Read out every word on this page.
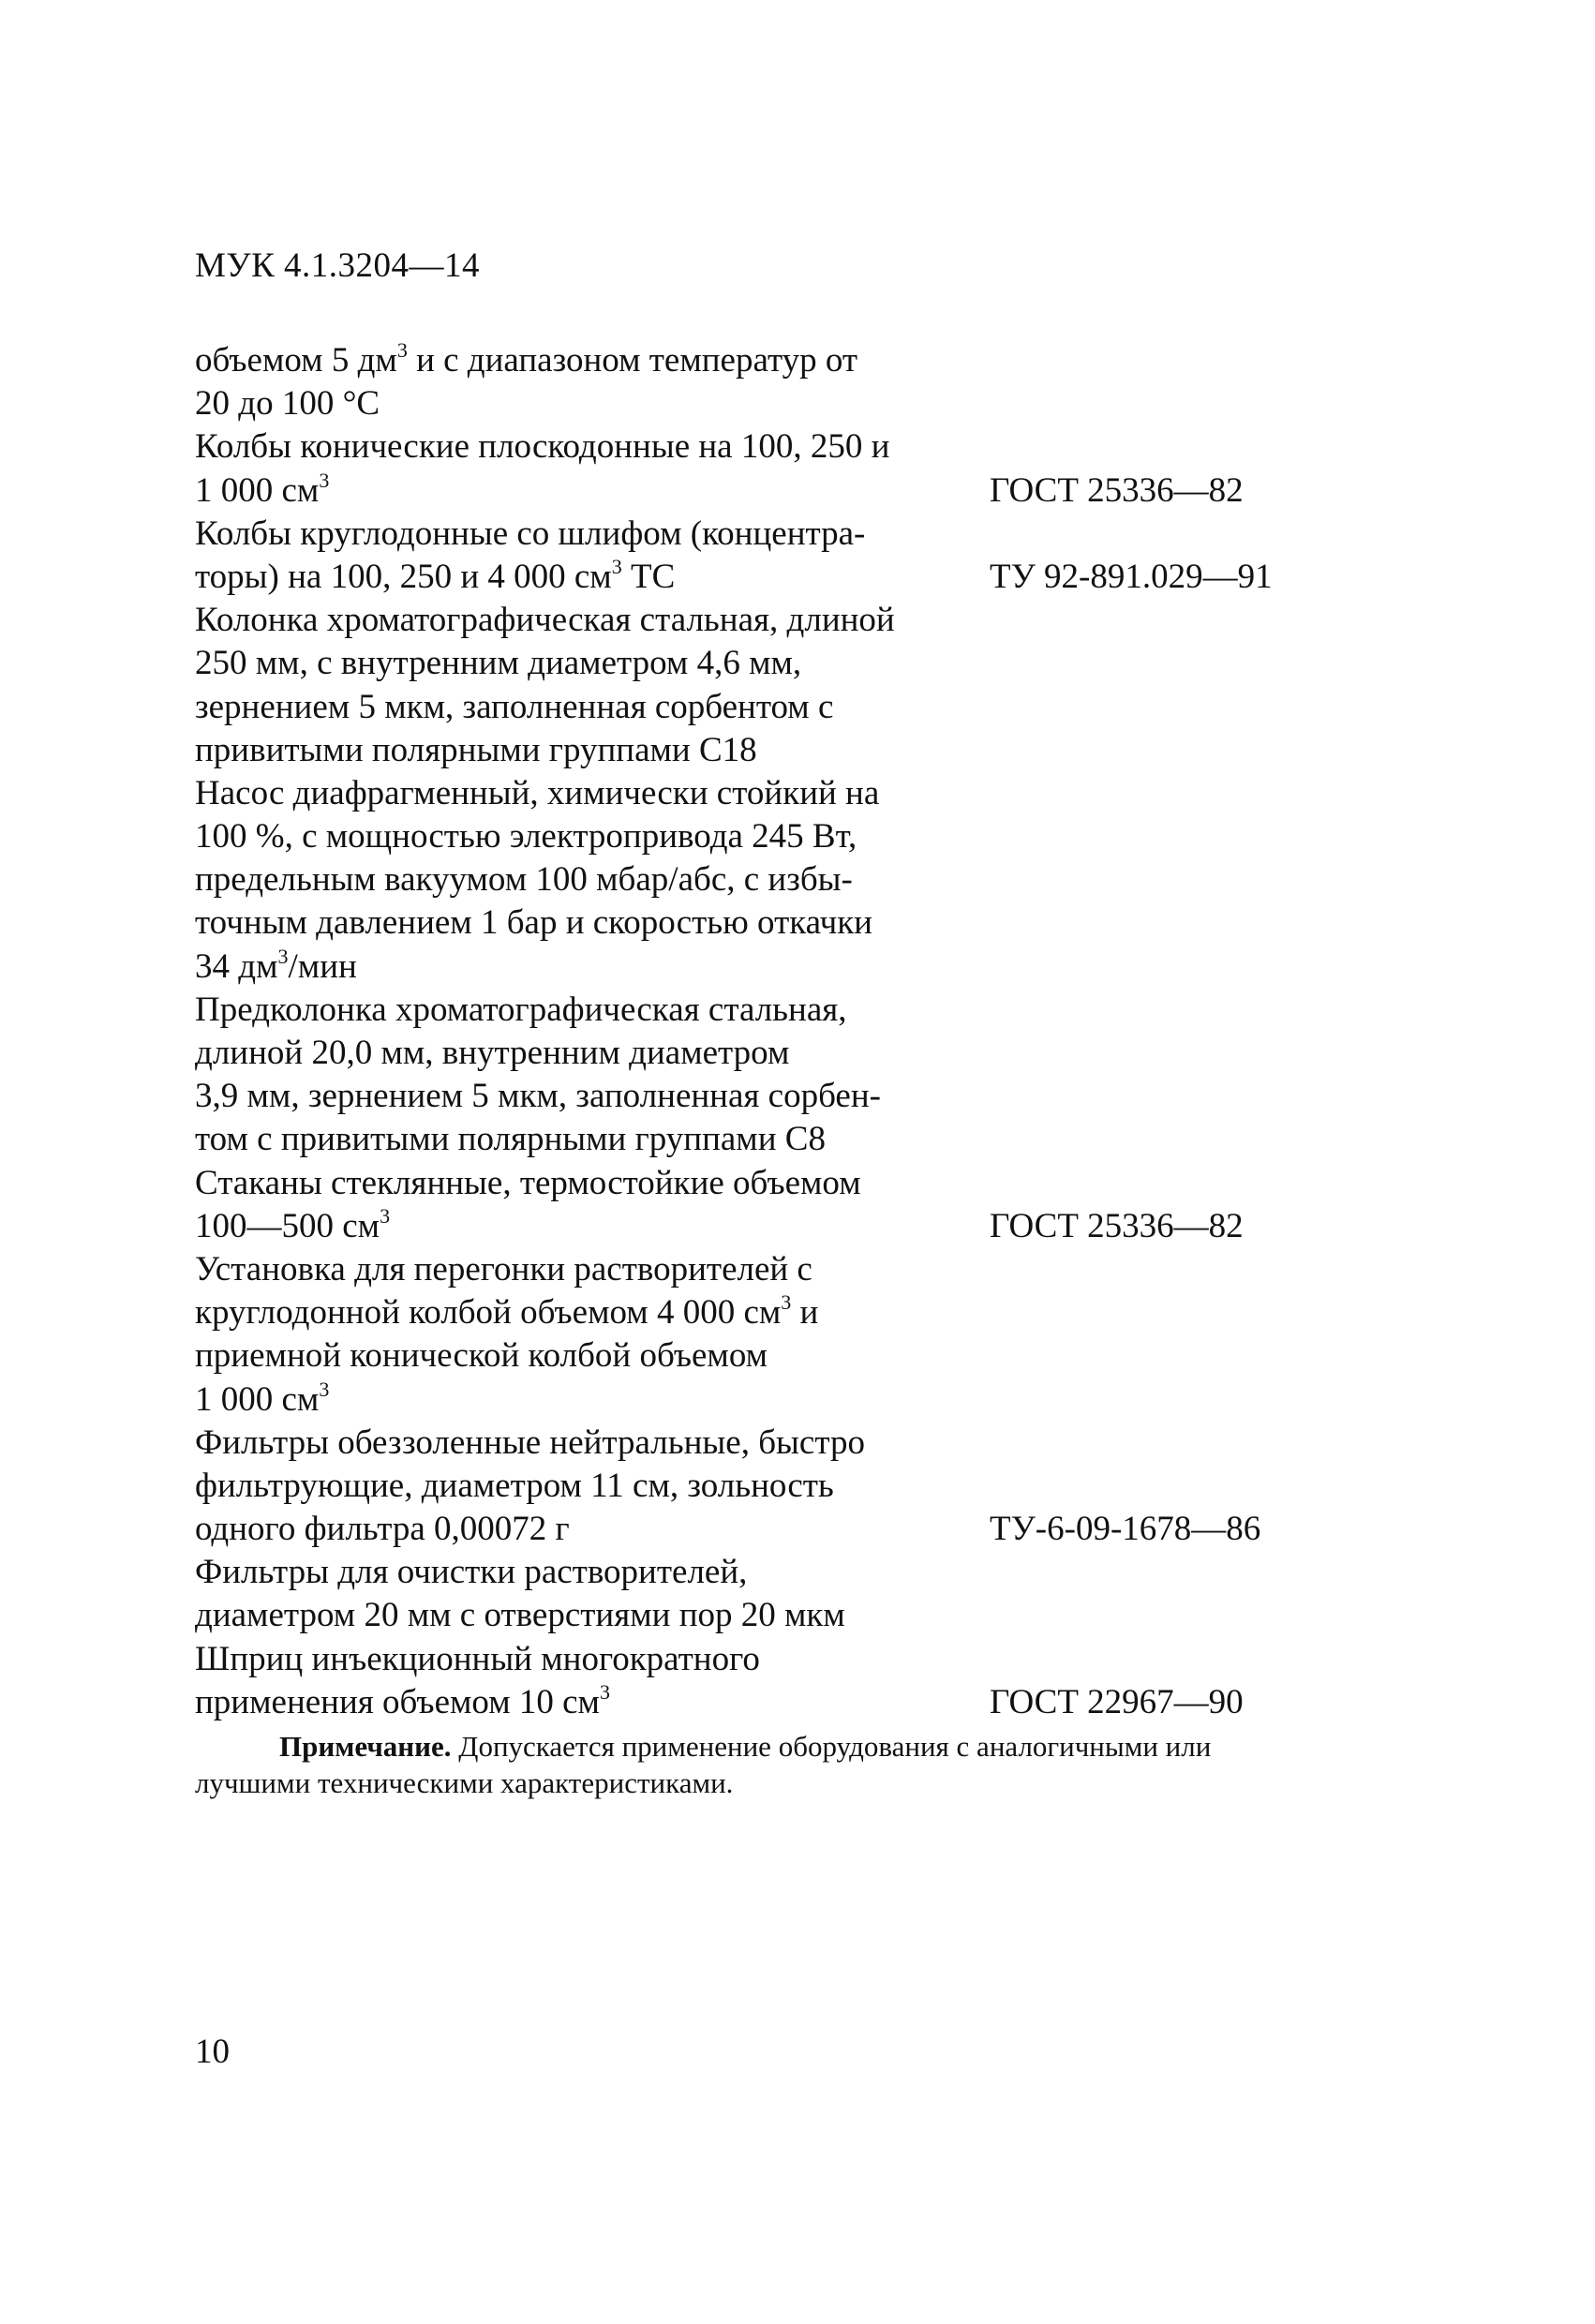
МУК 4.1.3204—14
объемом 5 $дм^3$ и с диапазоном температур от
20 до 100 °С
Колбы конические плоскодонные на 100, 250 и
1 000 $см^3$	ГОСТ 25336—82
Колбы круглодонные со шлифом (концентра-
торы) на 100, 250 и 4 000 $см^3$ ТС	ТУ 92-891.029—91
Колонка хроматографическая стальная, длиной
250 мм, с внутренним диаметром 4,6 мм,
зернением 5 мкм, заполненная сорбентом с
привитыми полярными группами С18
Насос диафрагменный, химически стойкий на
100 %, с мощностью электропривода 245 Вт,
предельным вакуумом 100 мбар/абс, с избы-
точным давлением 1 бар и скоростью откачки
34 $дм^3$/мин
Предколонка хроматографическая стальная,
длиной 20,0 мм, внутренним диаметром
3,9 мм, зернением 5 мкм, заполненная сорбен-
том с привитыми полярными группами С8
Стаканы стеклянные, термостойкие объемом
100—500 $см^3$	ГОСТ 25336—82
Установка для перегонки растворителей с
круглодонной колбой объемом 4 000 $см^3$ и
приемной конической колбой объемом
1 000 $см^3$
Фильтры обеззоленные нейтральные, быстро
фильтрующие, диаметром 11 см, зольность
одного фильтра 0,00072 г	ТУ-6-09-1678—86
Фильтры для очистки растворителей,
диаметром 20 мм с отверстиями пор 20 мкм
Шприц инъекционный многократного
применения объемом 10 $см^3$	ГОСТ 22967—90

Примечание. Допускается применение оборудования с аналогичными или
лучшими техническими характеристиками.

10
